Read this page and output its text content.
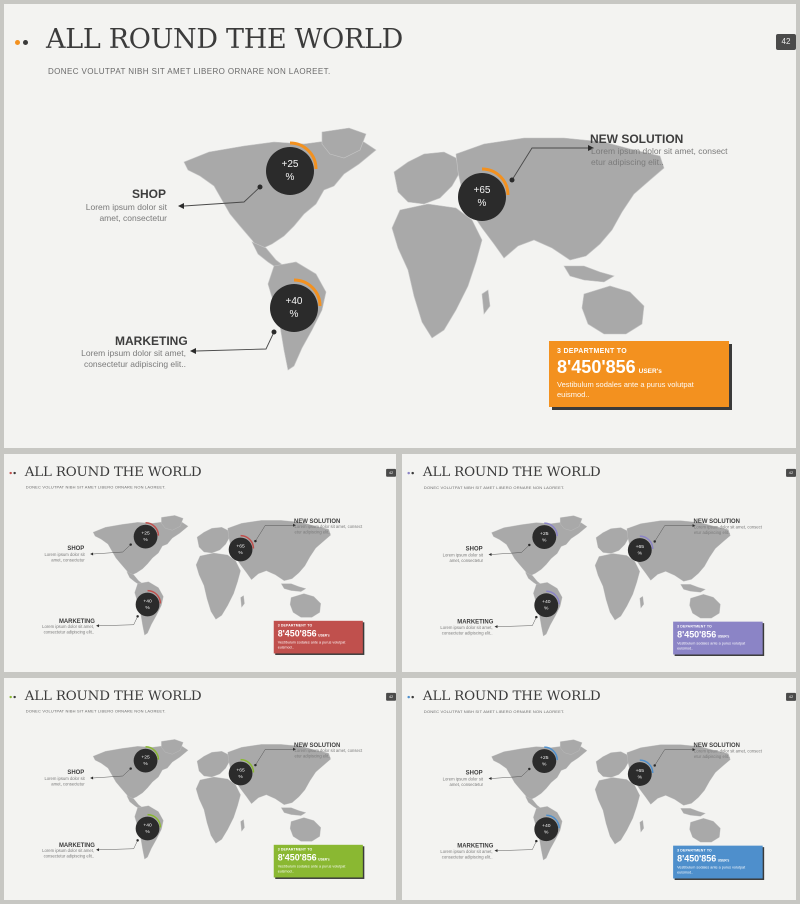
ALL ROUND THE WORLD
DONEC VOLUTPAT NIBH SIT AMET LIBERO ORNARE NON LAOREET.
42
SHOP
Lorem ipsum dolor sit
amet, consectetur
NEW SOLUTION
Lorem ipsum dolor sit amet, consect
etur adipiscing elit..
MARKETING
Lorem ipsum dolor sit amet,
consectetur adipiscing elit..
+25
%
+65
%
+40
%
3 DEPARTMENT TO
8'450'856 USER's
Vestibulum sodales ante a purus volutpat
euismod..
ALL ROUND THE WORLD
DONEC VOLUTPAT NIBH SIT AMET LIBERO ORNARE NON LAOREET.
42
SHOP
Lorem ipsum dolor sit
amet, consectetur
NEW SOLUTION
Lorem ipsum dolor sit amet, consect
etur adipiscing elit..
MARKETING
Lorem ipsum dolor sit amet,
consectetur adipiscing elit..
+25
%
+65
%
+40
%
3 DEPARTMENT TO
8'450'856USER's
Vestibulum sodales ante a purus volutpat
euismod..
ALL ROUND THE WORLD
DONEC VOLUTPAT NIBH SIT AMET LIBERO ORNARE NON LAOREET.
42
SHOP
Lorem ipsum dolor sit
amet, consectetur
NEW SOLUTION
Lorem ipsum dolor sit amet, consect
etur adipiscing elit..
MARKETING
Lorem ipsum dolor sit amet,
consectetur adipiscing elit..
+25
%
+65
%
+40
%
3 DEPARTMENT TO
8'450'856USER's
Vestibulum sodales ante a purus volutpat
euismod..
ALL ROUND THE WORLD
DONEC VOLUTPAT NIBH SIT AMET LIBERO ORNARE NON LAOREET.
42
SHOP
Lorem ipsum dolor sit
amet, consectetur
NEW SOLUTION
Lorem ipsum dolor sit amet, consect
etur adipiscing elit..
MARKETING
Lorem ipsum dolor sit amet,
consectetur adipiscing elit..
+25
%
+65
%
+40
%
3 DEPARTMENT TO
8'450'856USER's
Vestibulum sodales ante a purus volutpat
euismod..
ALL ROUND THE WORLD
DONEC VOLUTPAT NIBH SIT AMET LIBERO ORNARE NON LAOREET.
42
SHOP
Lorem ipsum dolor sit
amet, consectetur
NEW SOLUTION
Lorem ipsum dolor sit amet, consect
etur adipiscing elit..
MARKETING
Lorem ipsum dolor sit amet,
consectetur adipiscing elit..
+25
%
+65
%
+40
%
3 DEPARTMENT TO
8'450'856USER's
Vestibulum sodales ante a purus volutpat
euismod..
